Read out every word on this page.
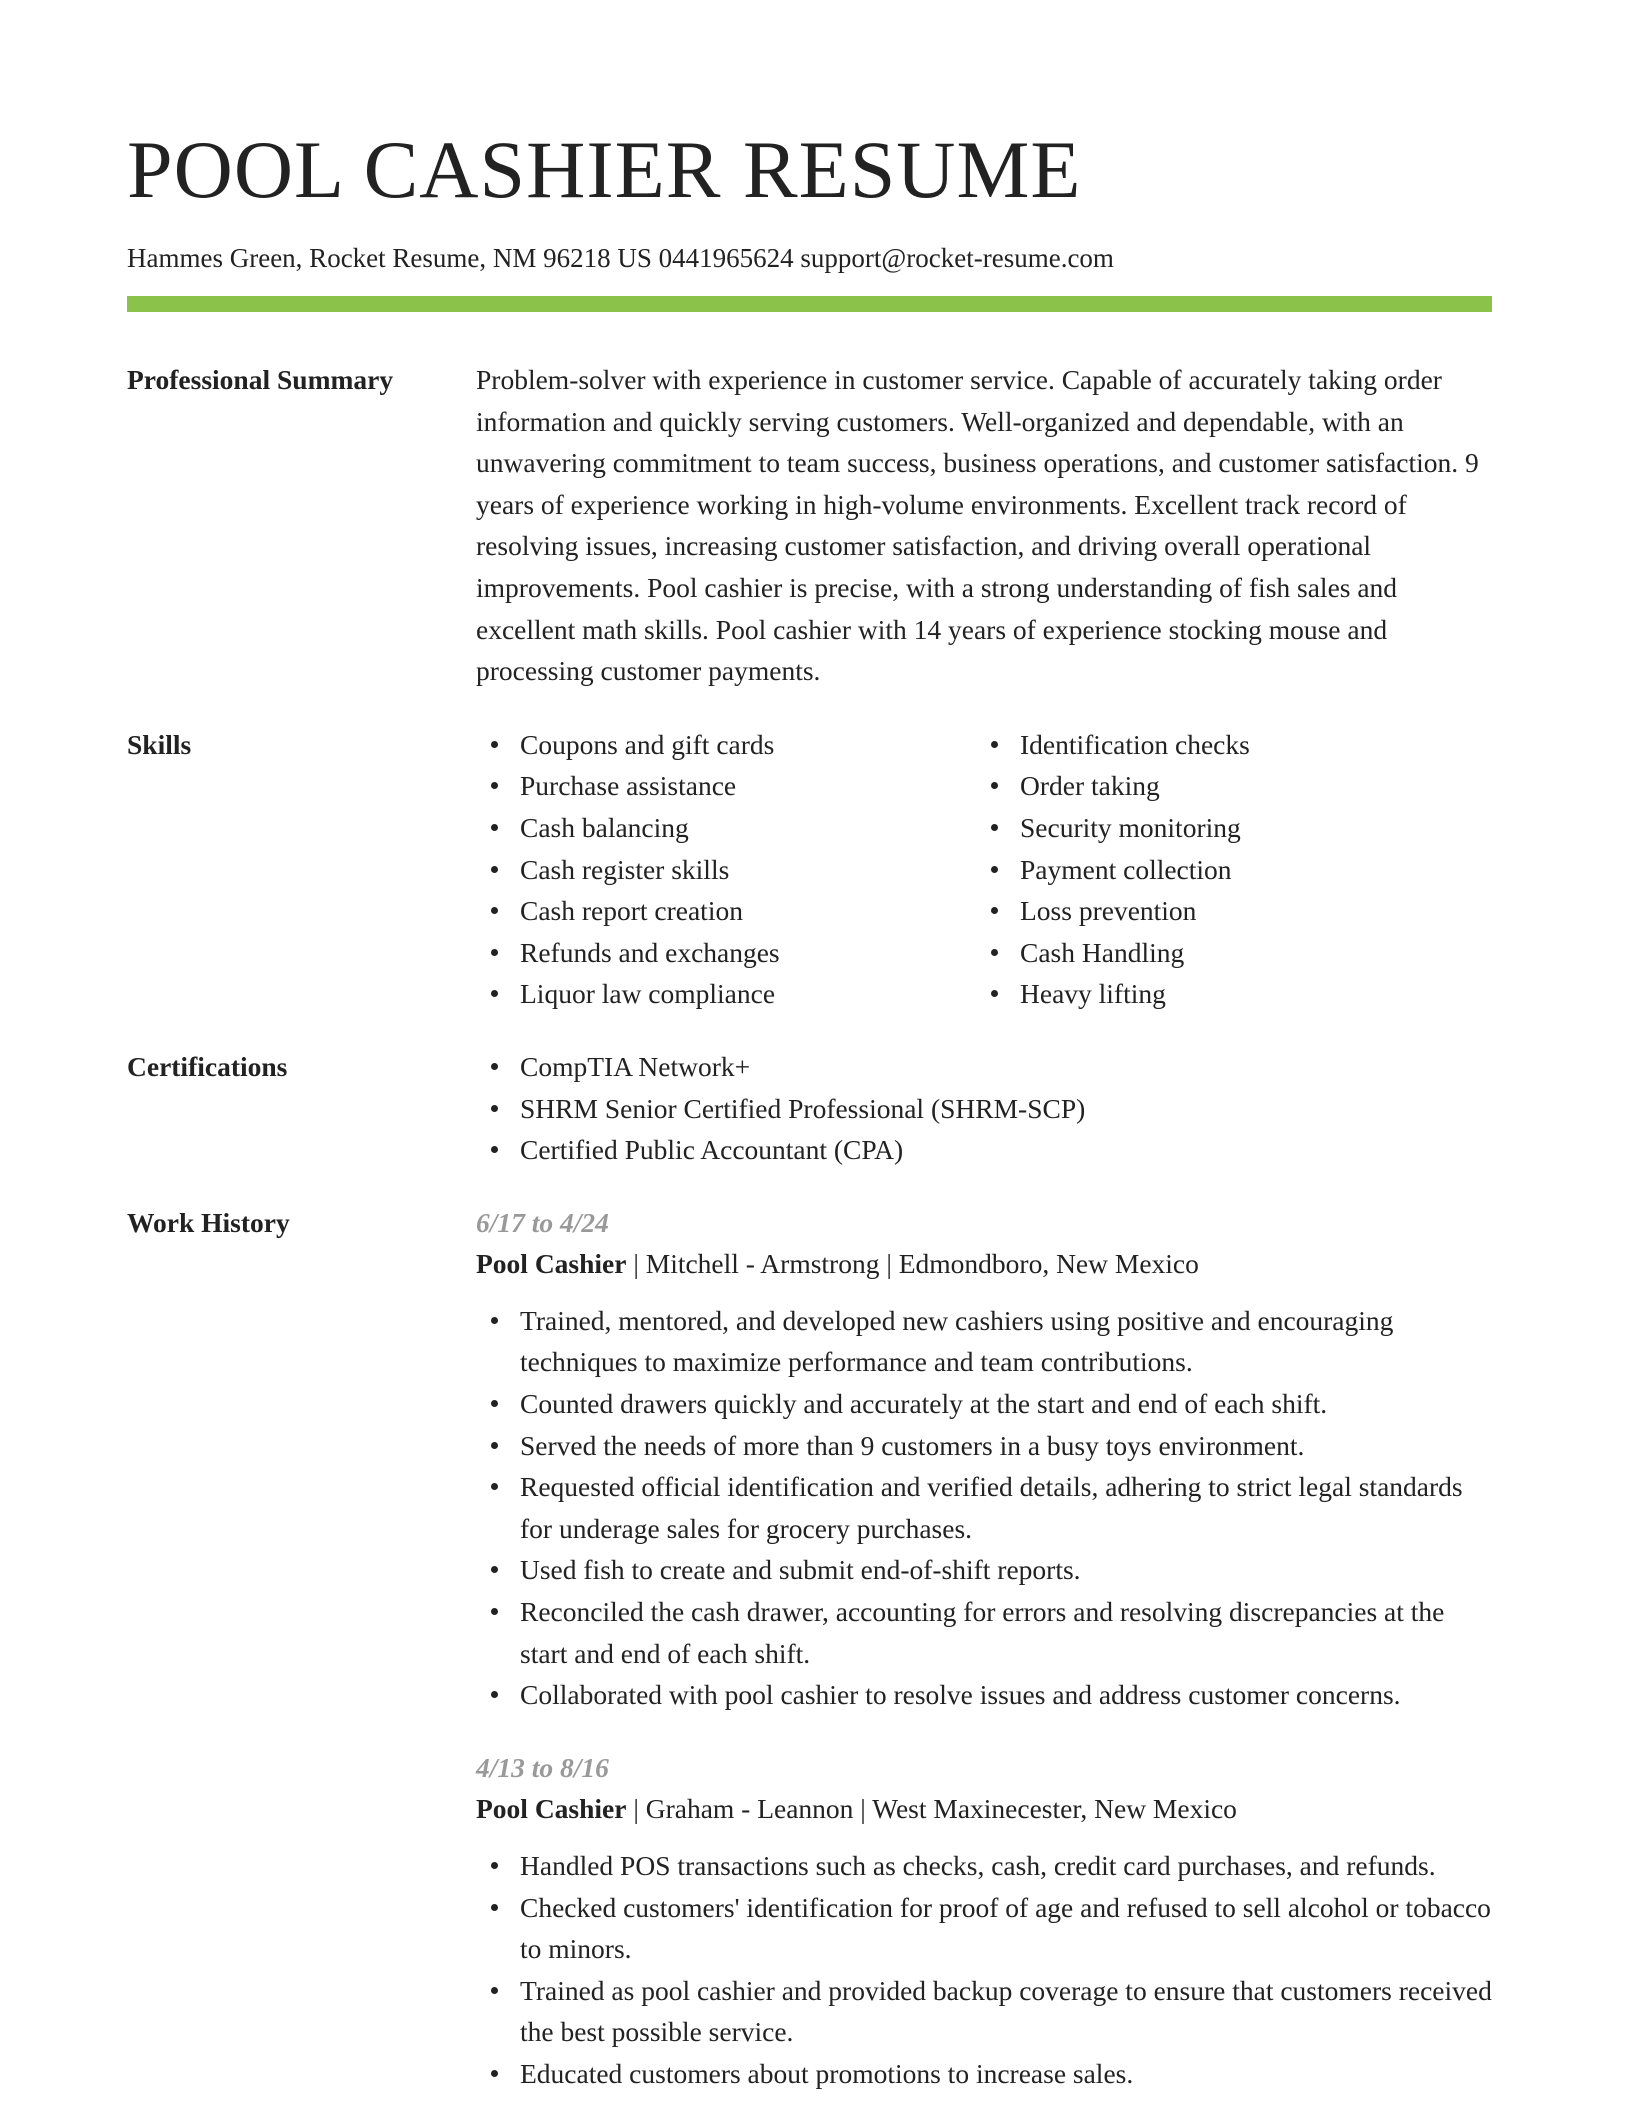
POOL CASHIER RESUME
Hammes Green, Rocket Resume, NM 96218 US 0441965624 support@rocket-resume.com
Professional Summary	Problem-solver with experience in customer service. Capable of accurately taking order information and quickly serving customers. Well-organized and dependable, with an unwavering commitment to team success, business operations, and customer satisfaction. 9 years of experience working in high-volume environments. Excellent track record of resolving issues, increasing customer satisfaction, and driving overall operational improvements. Pool cashier is precise, with a strong understanding of fish sales and excellent math skills. Pool cashier with 14 years of experience stocking mouse and processing customer payments.
Skills	Coupons and gift cards
Purchase assistance
Cash balancing
Cash register skills
Cash report creation
Refunds and exchanges
Liquor law compliance
Identification checks
Order taking
Security monitoring
Payment collection
Loss prevention
Cash Handling
Heavy lifting
Certifications	CompTIA Network+
SHRM Senior Certified Professional (SHRM-SCP)
Certified Public Accountant (CPA)
Work History	6/17 to 4/24
Pool Cashier | Mitchell - Armstrong | Edmondboro, New Mexico
Trained, mentored, and developed new cashiers using positive and encouraging techniques to maximize performance and team contributions.
Counted drawers quickly and accurately at the start and end of each shift.
Served the needs of more than 9 customers in a busy toys environment.
Requested official identification and verified details, adhering to strict legal standards for underage sales for grocery purchases.
Used fish to create and submit end-of-shift reports.
Reconciled the cash drawer, accounting for errors and resolving discrepancies at the start and end of each shift.
Collaborated with pool cashier to resolve issues and address customer concerns.
4/13 to 8/16
Pool Cashier | Graham - Leannon | West Maxinecester, New Mexico
Handled POS transactions such as checks, cash, credit card purchases, and refunds.
Checked customers' identification for proof of age and refused to sell alcohol or tobacco to minors.
Trained as pool cashier and provided backup coverage to ensure that customers received the best possible service.
Educated customers about promotions to increase sales.
